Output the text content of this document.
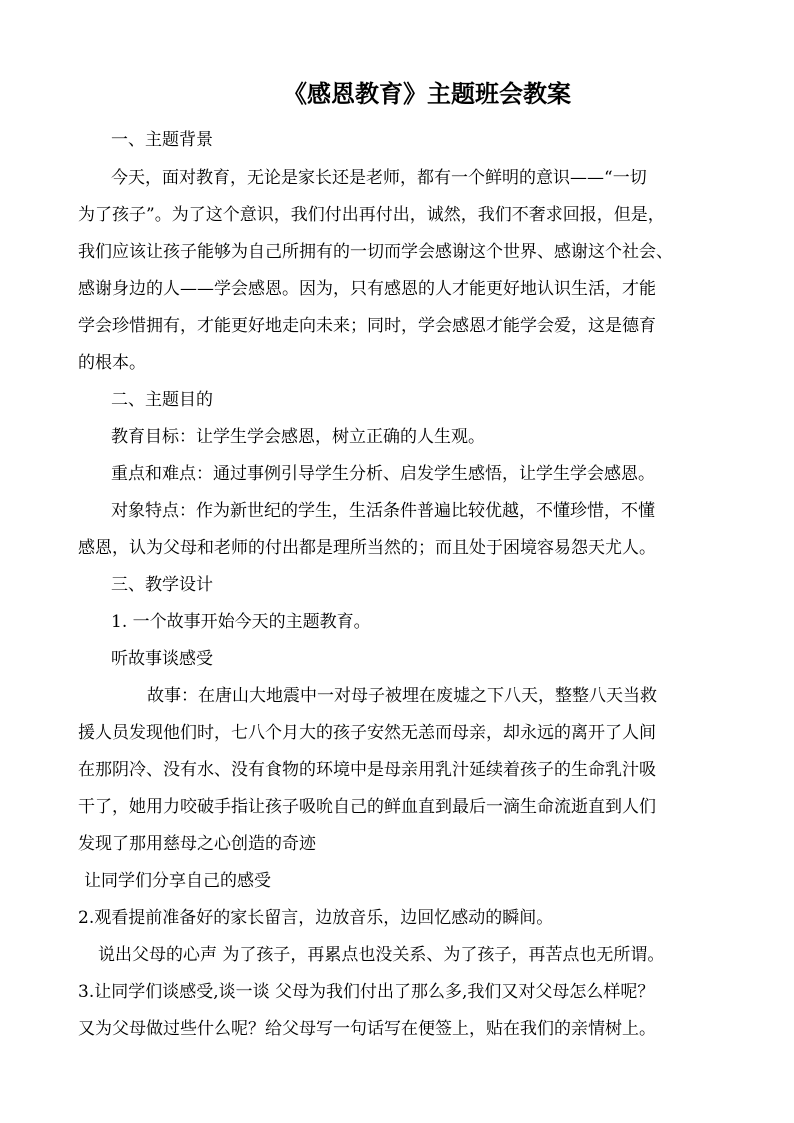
《感恩教育》主题班会教案
一、主题背景
今天，面对教育，无论是家长还是老师，都有一个鲜明的意识——“一切
为了孩子”。为了这个意识，我们付出再付出，诚然，我们不奢求回报，但是，
我们应该让孩子能够为自己所拥有的一切而学会感谢这个世界、感谢这个社会、
感谢身边的人——学会感恩。因为，只有感恩的人才能更好地认识生活，才能
学会珍惜拥有，才能更好地走向未来；同时，学会感恩才能学会爱，这是德育
的根本。
二、主题目的
教育目标：让学生学会感恩，树立正确的人生观。
重点和难点：通过事例引导学生分析、启发学生感悟，让学生学会感恩。
对象特点：作为新世纪的学生，生活条件普遍比较优越，不懂珍惜，不懂
感恩，认为父母和老师的付出都是理所当然的；而且处于困境容易怨天尤人。
三、教学设计
1. 一个故事开始今天的主题教育。
听故事谈感受
故事：在唐山大地震中一对母子被埋在废墟之下八天，整整八天当救
援人员发现他们时，七八个月大的孩子安然无恙而母亲，却永远的离开了人间
在那阴冷、没有水、没有食物的环境中是母亲用乳汁延续着孩子的生命乳汁吸
干了，她用力咬破手指让孩子吸吮自己的鲜血直到最后一滴生命流逝直到人们
发现了那用慈母之心创造的奇迹
让同学们分享自己的感受
2.观看提前准备好的家长留言，边放音乐，边回忆感动的瞬间。
说出父母的心声 为了孩子，再累点也没关系、为了孩子，再苦点也无所谓。
3.让同学们谈感受,谈一谈 父母为我们付出了那么多,我们又对父母怎么样呢？
又为父母做过些什么呢？给父母写一句话写在便签上，贴在我们的亲情树上。
